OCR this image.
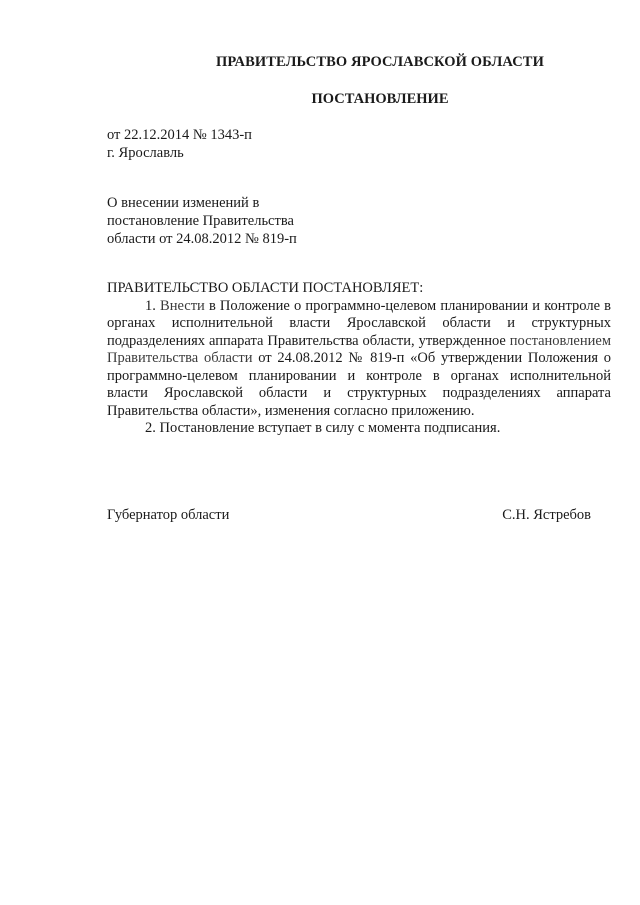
ПРАВИТЕЛЬСТВО ЯРОСЛАВСКОЙ ОБЛАСТИ
ПОСТАНОВЛЕНИЕ
от 22.12.2014 № 1343-п
г. Ярославль
О внесении изменений в
постановление Правительства
области от 24.08.2012 № 819-п
ПРАВИТЕЛЬСТВО ОБЛАСТИ ПОСТАНОВЛЯЕТ:

1. Внести в Положение о программно-целевом планировании и контроле в органах исполнительной власти Ярославской области и структурных подразделениях аппарата Правительства области, утвержденное постановлением Правительства области от 24.08.2012 № 819-п «Об утверждении Положения о программно-целевом планировании и контроле в органах исполнительной власти Ярославской области и структурных подразделениях аппарата Правительства области», изменения согласно приложению.

2. Постановление вступает в силу с момента подписания.

Губернатор области	С.Н. Ястребов
